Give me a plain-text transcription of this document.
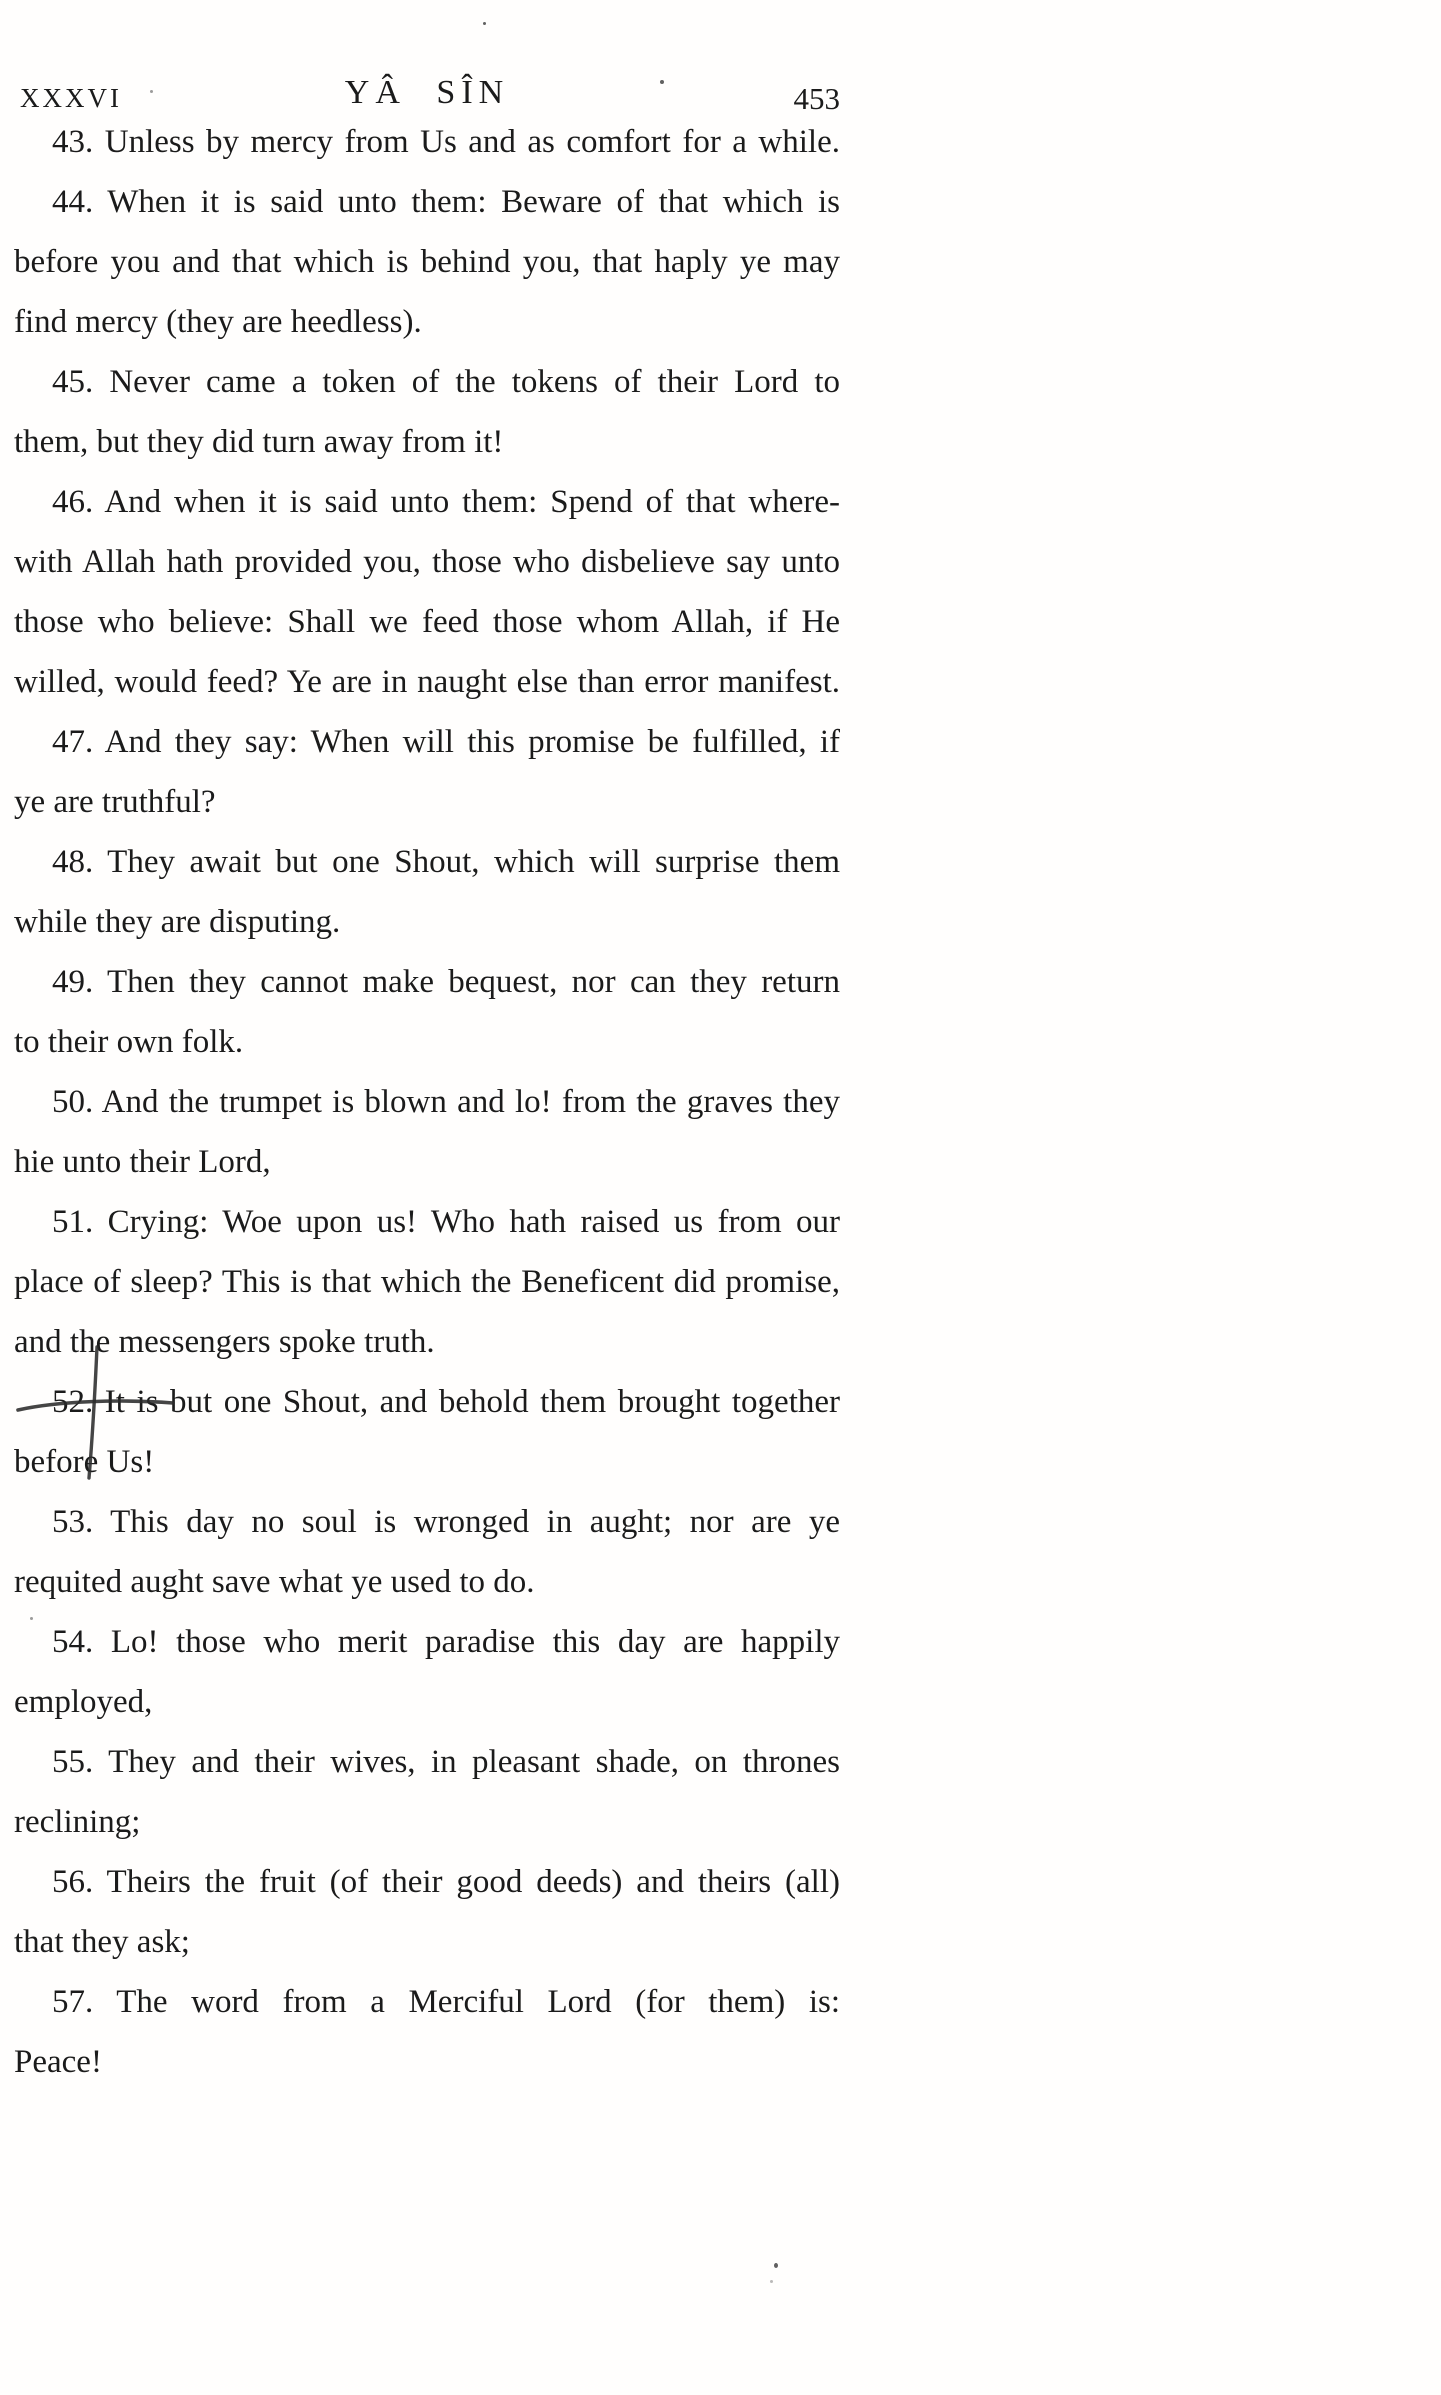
XXXVI	YÂ SÎN	453
43. Unless by mercy from Us and as comfort for a while.
44. When it is said unto them: Beware of that which is
before you and that which is behind you, that haply ye may
find mercy (they are heedless).
45. Never came a token of the tokens of their Lord to
them, but they did turn away from it!
46. And when it is said unto them: Spend of that where-
with Allah hath provided you, those who disbelieve say unto
those who believe: Shall we feed those whom Allah, if He
willed, would feed? Ye are in naught else than error manifest.
47. And they say: When will this promise be fulfilled, if
ye are truthful?
48. They await but one Shout, which will surprise them
while they are disputing.
49. Then they cannot make bequest, nor can they return
to their own folk.
50. And the trumpet is blown and lo! from the graves they
hie unto their Lord,
51. Crying: Woe upon us! Who hath raised us from our
place of sleep? This is that which the Beneficent did promise,
and the messengers spoke truth.
52. It is but one Shout, and behold them brought together
before Us!
53. This day no soul is wronged in aught; nor are ye
requited aught save what ye used to do.
54. Lo! those who merit paradise this day are happily
employed,
55. They and their wives, in pleasant shade, on thrones
reclining;
56. Theirs the fruit (of their good deeds) and theirs (all)
that they ask;
57. The word from a Merciful Lord (for them) is:
Peace!
